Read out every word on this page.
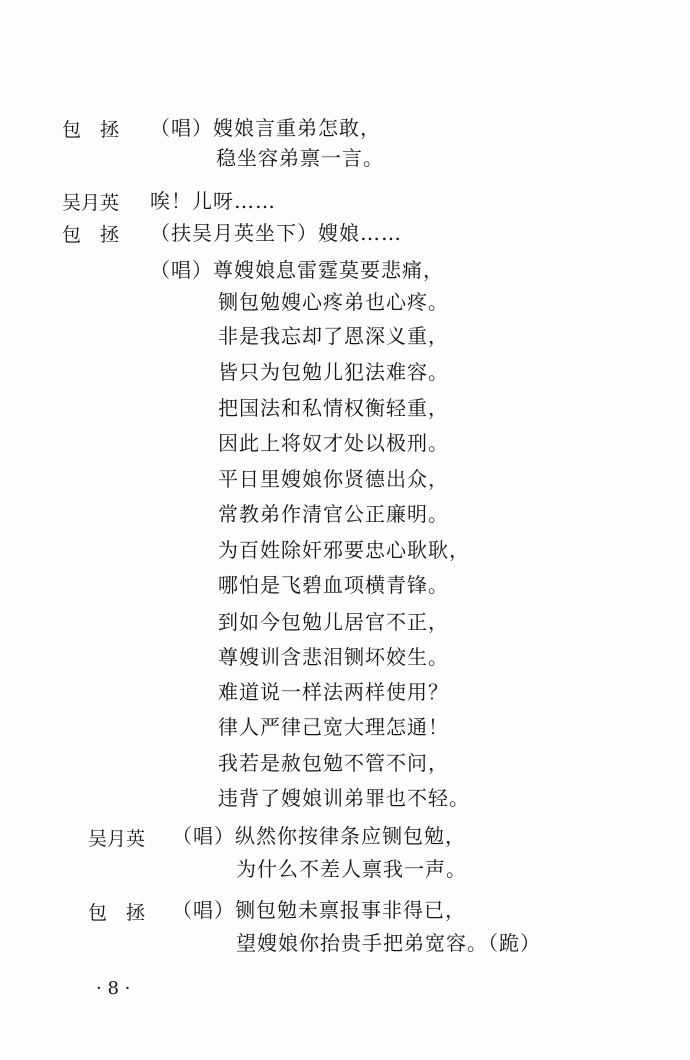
包　拯 （唱）嫂娘言重弟怎敢，
稳坐容弟禀一言。
吴月英 唉！儿呀……
包　拯 （扶吴月英坐下）嫂娘……
（唱）尊嫂娘息雷霆莫要悲痛，
铡包勉嫂心疼弟也心疼。
非是我忘却了恩深义重，
皆只为包勉儿犯法难容。
把国法和私情权衡轻重，
因此上将奴才处以极刑。
平日里嫂娘你贤德出众，
常教弟作清官公正廉明。
为百姓除奸邪要忠心耿耿，
哪怕是飞碧血项横青锋。
到如今包勉儿居官不正，
尊嫂训含悲泪铡坏姣生。
难道说一样法两样使用？
律人严律己宽大理怎通！
我若是赦包勉不管不问，
违背了嫂娘训弟罪也不轻。
吴月英 （唱）纵然你按律条应铡包勉，
为什么不差人禀我一声。
包　拯 （唱）铡包勉未禀报事非得已，
望嫂娘你抬贵手把弟宽容。（跪）
· 8 ·
